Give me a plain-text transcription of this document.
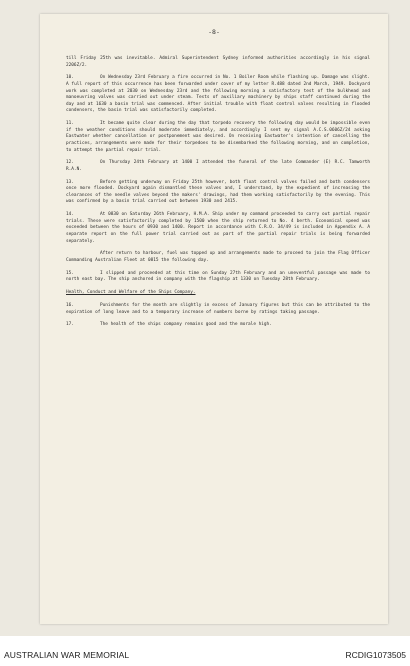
-8-
till Friday 25th was inevitable. Admiral Superintendent Sydney informed authorities accordingly in his signal 2206Z/2.
10.	On Wednesday 23rd February a fire occurred in No. 1 Boiler Room while flashing up. Damage was slight. A full report of this occurrence has been forwarded under cover of my letter R.488 dated 2nd March, 1949. Dockyard work was completed at 2030 on Wednesday 23rd and the following morning a satisfactory test of the bulkhead and manoeuvring valves was carried out under steam. Tests of auxiliary machinery by ships staff continued during the day and at 1630 a basin trial was commenced. After initial trouble with float control valves resulting in flooded condensers, the basin trial was satisfactorily completed.
11.	It became quite clear during the day that torpedo recovery the following day would be impossible even if the weather conditions should moderate immediately, and accordingly I sent my signal A.C.S.0606Z/24 asking Eastwater whether cancellation or postponement was desired. On receiving Eastwater's intention of cancelling the practices, arrangements were made for their torpedoes to be disembarked the following morning, and on completion, to attempt the partial repair trial.
12.	On Thursday 24th February at 1400 I attended the funeral of the late Commander (E) R.C. Tamworth R.A.N.
13.	Before getting underway on Friday 25th however, both float control valves failed and both condensers once more flooded. Dockyard again dismantled these valves and, I understand, by the expedient of increasing the clearances of the needle valves beyond the makers' drawings, had them working satisfactorily by the evening. This was confirmed by a basin trial carried out between 1930 and 2415.
14.	At 0830 on Saturday 26th February, H.M.A. Ship under my command proceeded to carry out partial repair trials. These were satisfactorily completed by 1500 when the ship returned to No. 4 berth. Economical speed was exceeded between the hours of 0930 and 1400. Report in accordance with C.R.O. 34/49 is included in Appendix A. A separate report on the full power trial carried out as part of the partial repair trials is being forwarded separately.
After return to harbour, fuel was topped up and arrangements made to proceed to join the Flag Officer Commanding Australian Fleet at 0815 the following day.
15.	I slipped and proceeded at this time on Sunday 27th February and an uneventful passage was made to north east bay. The ship anchored in company with the flagship at 1330 on Tuesday 28th February.
Health, Conduct and Welfare of the Ships Company.
16.	Punishments for the month are slightly in excess of January figures but this can be attributed to the expiration of long leave and to a temporary increase of numbers borne by ratings taking passage.
17.	The health of the ships company remains good and the morale high.
AUSTRALIAN WAR MEMORIAL	RCDIG1073505
